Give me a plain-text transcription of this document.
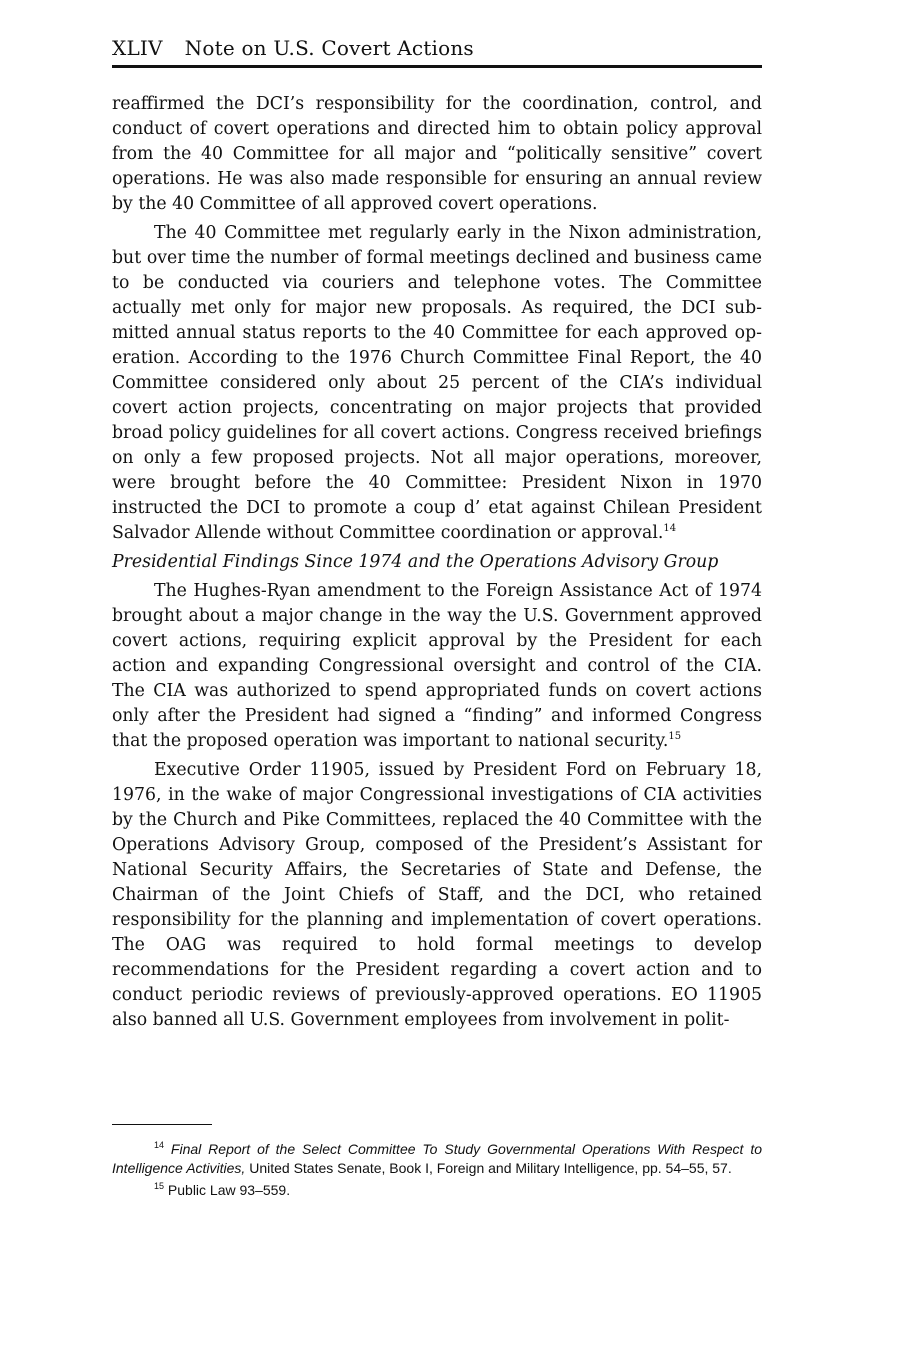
XLIV Note on U.S. Covert Actions

reaffirmed the DCI’s responsibility for the coordination, control, and conduct of covert operations and directed him to obtain policy approval from the 40 Committee for all major and “politically sensitive” covert operations. He was also made responsible for ensuring an annual review by the 40 Committee of all approved covert operations.

The 40 Committee met regularly early in the Nixon administration, but over time the number of formal meetings declined and business came to be conducted via couriers and telephone votes. The Committee actually met only for major new proposals. As required, the DCI submitted annual status reports to the 40 Committee for each approved operation. According to the 1976 Church Committee Final Report, the 40 Committee considered only about 25 percent of the CIA’s individual covert action projects, concentrating on major projects that provided broad policy guidelines for all covert actions. Congress received briefings on only a few proposed projects. Not all major operations, moreover, were brought before the 40 Committee: President Nixon in 1970 instructed the DCI to promote a coup d’ etat against Chilean President Salvador Allende without Committee coordination or approval.$^{14}$

Presidential Findings Since 1974 and the Operations Advisory Group

The Hughes-Ryan amendment to the Foreign Assistance Act of 1974 brought about a major change in the way the U.S. Government approved covert actions, requiring explicit approval by the President for each action and expanding Congressional oversight and control of the CIA. The CIA was authorized to spend appropriated funds on covert actions only after the President had signed a “finding” and informed Congress that the proposed operation was important to national security.$^{15}$

Executive Order 11905, issued by President Ford on February 18, 1976, in the wake of major Congressional investigations of CIA activities by the Church and Pike Committees, replaced the 40 Committee with the Operations Advisory Group, composed of the President’s Assistant for National Security Affairs, the Secretaries of State and Defense, the Chairman of the Joint Chiefs of Staff, and the DCI, who retained responsibility for the planning and implementation of covert operations. The OAG was required to hold formal meetings to develop recommendations for the President regarding a covert action and to conduct periodic reviews of previously-approved operations. EO 11905 also banned all U.S. Government employees from involvement in polit-

$^{14}$ Final Report of the Select Committee To Study Governmental Operations With Respect to Intelligence Activities, United States Senate, Book I, Foreign and Military Intelligence, pp. 54–55, 57.

$^{15}$ Public Law 93–559.
